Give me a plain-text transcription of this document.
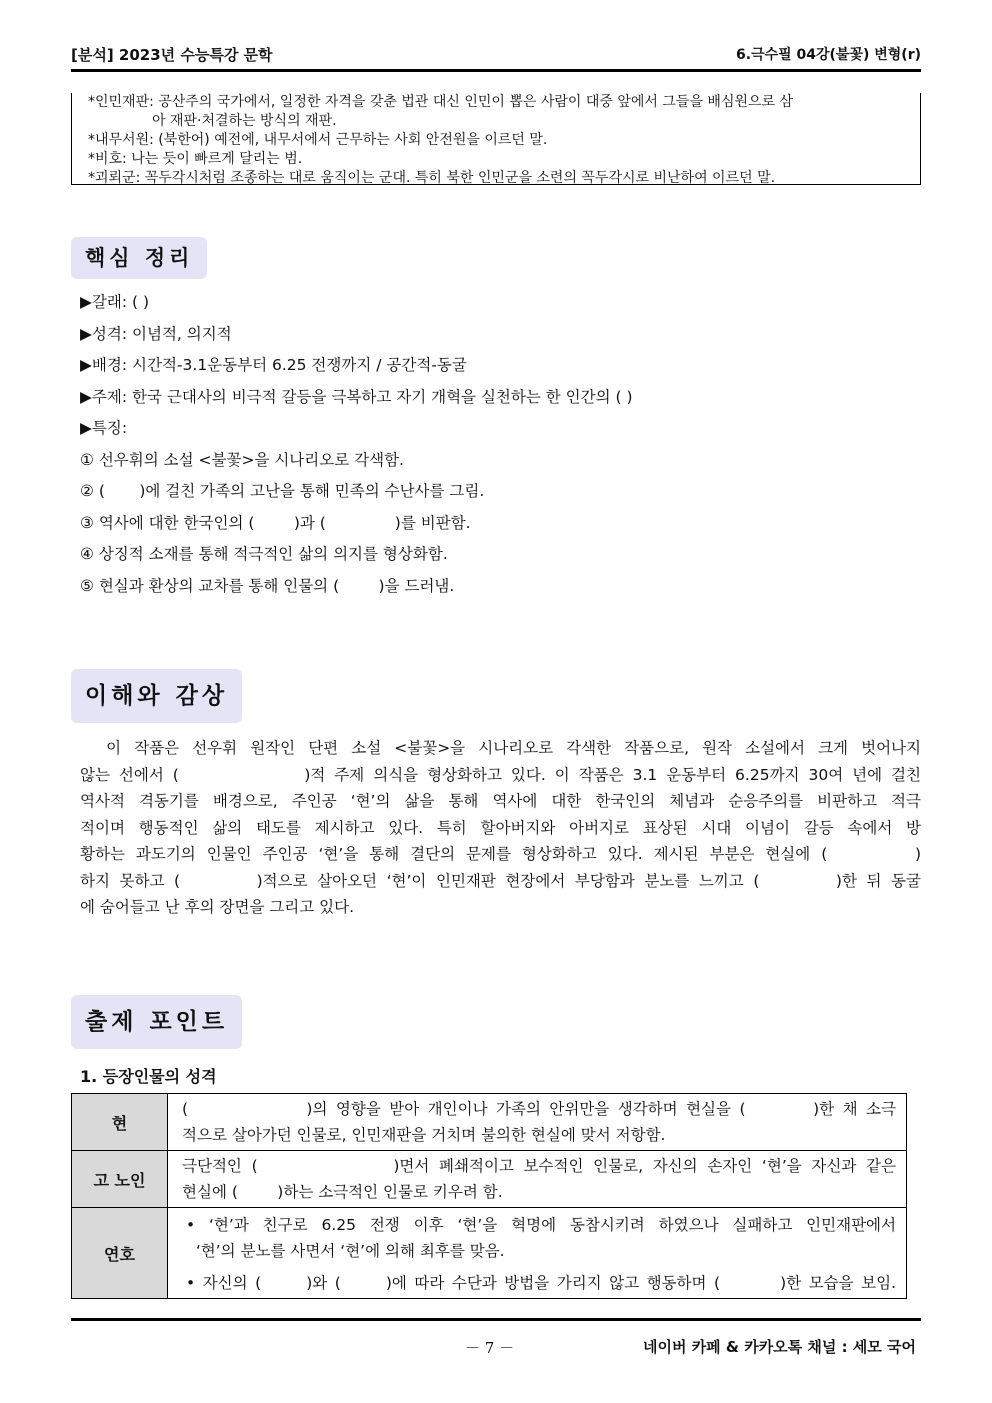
[분석] 2023년 수능특강 문학	6.극수필 04강(불꽃) 변형(r)
*인민재판: 공산주의 국가에서, 일정한 자격을 갖춘 법관 대신 인민이 뽑은 사람이 대중 앞에서 그들을 배심원으로 삼
아 재판·처결하는 방식의 재판.
*내무서원: (북한어) 예전에, 내무서에서 근무하는 사회 안전원을 이르던 말.
*비호: 나는 듯이 빠르게 달리는 범.
*괴뢰군: 꼭두각시처럼 조종하는 대로 움직이는 군대. 특히 북한 인민군을 소련의 꼭두각시로 비난하여 이르던 말.
핵심 정리
▶갈래: ( )
▶성격: 이념적, 의지적
▶배경: 시간적-3.1운동부터 6.25 전쟁까지 / 공간적-동굴
▶주제: 한국 근대사의 비극적 갈등을 극복하고 자기 개혁을 실천하는 한 인간의 ( )
▶특징:
① 선우휘의 소설 <불꽃>을 시나리오로 각색함.
② (       )에 걸친 가족의 고난을 통해 민족의 수난사를 그림.
③ 역사에 대한 한국인의 (        )과 (              )를 비판함.
④ 상징적 소재를 통해 적극적인 삶의 의지를 형상화함.
⑤ 현실과 환상의 교차를 통해 인물의 (        )을 드러냄.
이해와 감상
이 작품은 선우휘 원작인 단편 소설 <불꽃>을 시나리오로 각색한 작품으로, 원작 소설에서 크게 벗어나지
않는 선에서 (              )적 주제 의식을 형상화하고 있다. 이 작품은 3.1 운동부터 6.25까지 30여 년에 걸친
역사적 격동기를 배경으로, 주인공 ‘현’의 삶을 통해 역사에 대한 한국인의 체념과 순응주의를 비판하고 적극
적이며 행동적인 삶의 태도를 제시하고 있다. 특히 할아버지와 아버지로 표상된 시대 이념이 갈등 속에서 방
황하는 과도기의 인물인 주인공 ‘현’을 통해 결단의 문제를 형상화하고 있다. 제시된 부분은 현실에 (        )
하지 못하고 (        )적으로 살아오던 ‘현’이 인민재판 현장에서 부당함과 분노를 느끼고 (        )한 뒤 동굴
에 숨어들고 난 후의 장면을 그리고 있다.
출제 포인트
1. 등장인물의 성격
현	(              )의 영향을 받아 개인이나 가족의 안위만을 생각하며 현실을 (        )한 채 소극
적으로 살아가던 인물로, 인민재판을 거치며 불의한 현실에 맞서 저항함.

고 노인	극단적인 (              )면서 폐쇄적이고 보수적인 인물로, 자신의 손자인 ‘현’을 자신과 같은
현실에 (        )하는 소극적인 인물로 키우려 함.

연호	• ‘현’과 친구로 6.25 전쟁 이후 ‘현’을 혁명에 동참시키려 하였으나 실패하고 인민재판에서
‘현’의 분노를 사면서 ‘현’에 의해 최후를 맞음.
• 자신의 (      )와 (      )에 따라 수단과 방법을 가리지 않고 행동하며 (        )한 모습을 보임.
－ 7 －	네이버 카페 & 카카오톡 채널 : 세모 국어
